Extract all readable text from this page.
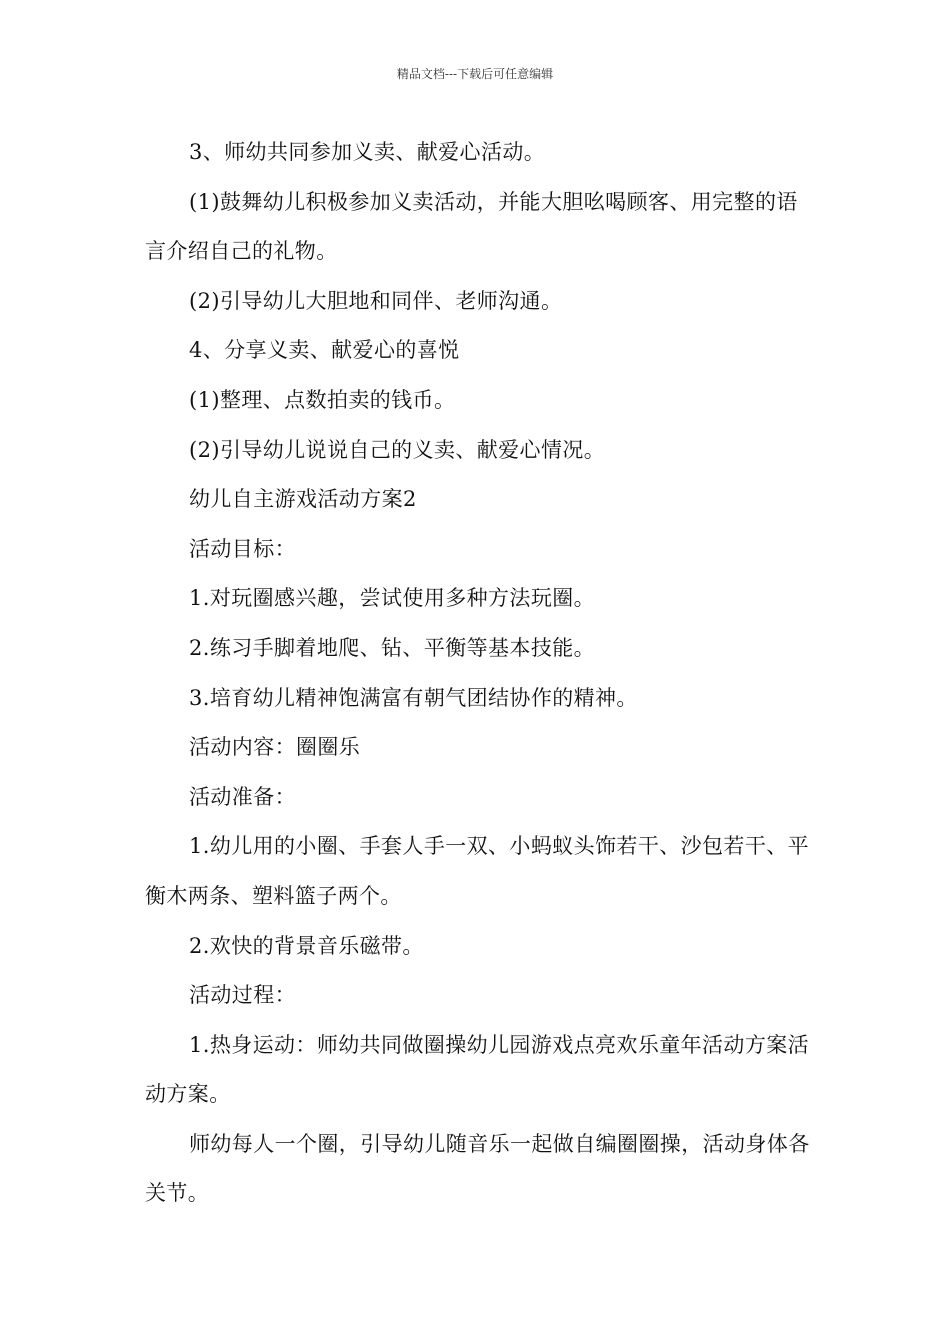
精品文档---下载后可任意编辑

3、师幼共同参加义卖、献爱心活动。

(1)鼓舞幼儿积极参加义卖活动，并能大胆吆喝顾客、用完整的语言介绍自己的礼物。

(2)引导幼儿大胆地和同伴、老师沟通。

4、分享义卖、献爱心的喜悦

(1)整理、点数拍卖的钱币。

(2)引导幼儿说说自己的义卖、献爱心情况。

幼儿自主游戏活动方案2

活动目标：

1.对玩圈感兴趣，尝试使用多种方法玩圈。

2.练习手脚着地爬、钻、平衡等基本技能。

3.培育幼儿精神饱满富有朝气团结协作的精神。

活动内容：圈圈乐

活动准备：

1.幼儿用的小圈、手套人手一双、小蚂蚁头饰若干、沙包若干、平衡木两条、塑料篮子两个。

2.欢快的背景音乐磁带。

活动过程：

1.热身运动：师幼共同做圈操幼儿园游戏点亮欢乐童年活动方案活动方案。

师幼每人一个圈，引导幼儿随音乐一起做自编圈圈操，活动身体各关节。
